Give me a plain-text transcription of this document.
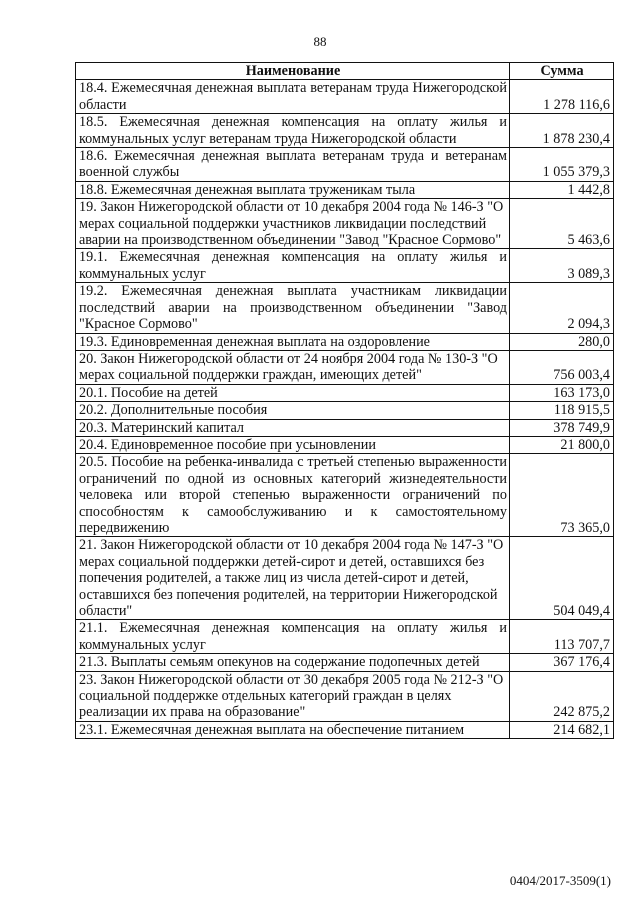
88
Наименование	Сумма
18.4. Ежемесячная денежная выплата ветеранам труда Нижегородской области	1 278 116,6
18.5. Ежемесячная денежная компенсация на оплату жилья и коммунальных услуг ветеранам труда Нижегородской области	1 878 230,4
18.6. Ежемесячная денежная выплата ветеранам труда и ветеранам военной службы	1 055 379,3
18.8. Ежемесячная денежная выплата труженикам тыла	1 442,8
19. Закон Нижегородской области от 10 декабря 2004 года № 146-З "О мерах социальной поддержки участников ликвидации последствий аварии на производственном объединении "Завод "Красное Сормово"	5 463,6
19.1. Ежемесячная денежная компенсация на оплату жилья и коммунальных услуг	3 089,3
19.2. Ежемесячная денежная выплата участникам ликвидации последствий аварии на производственном объединении "Завод "Красное Сормово"	2 094,3
19.3. Единовременная денежная выплата на оздоровление	280,0
20. Закон Нижегородской области от 24 ноября 2004 года № 130-З "О мерах социальной поддержки граждан, имеющих детей"	756 003,4
20.1. Пособие на детей	163 173,0
20.2. Дополнительные пособия	118 915,5
20.3. Материнский капитал	378 749,9
20.4. Единовременное пособие при усыновлении	21 800,0
20.5. Пособие на ребенка-инвалида с третьей степенью выраженности ограничений по одной из основных категорий жизнедеятельности человека или второй степенью выраженности ограничений по способностям к самообслуживанию и к самостоятельному передвижению	73 365,0
21. Закон Нижегородской области от 10 декабря 2004 года № 147-З "О мерах социальной поддержки детей-сирот и детей, оставшихся без попечения родителей, а также лиц из числа детей-сирот и детей, оставшихся без попечения родителей, на территории Нижегородской области"	504 049,4
21.1. Ежемесячная денежная компенсация на оплату жилья и коммунальных услуг	113 707,7
21.3. Выплаты семьям опекунов на содержание подопечных детей	367 176,4
23. Закон Нижегородской области от 30 декабря 2005 года № 212-З "О социальной поддержке отдельных категорий граждан в целях реализации их права на образование"	242 875,2
23.1. Ежемесячная денежная выплата на обеспечение питанием	214 682,1
0404/2017-3509(1)
